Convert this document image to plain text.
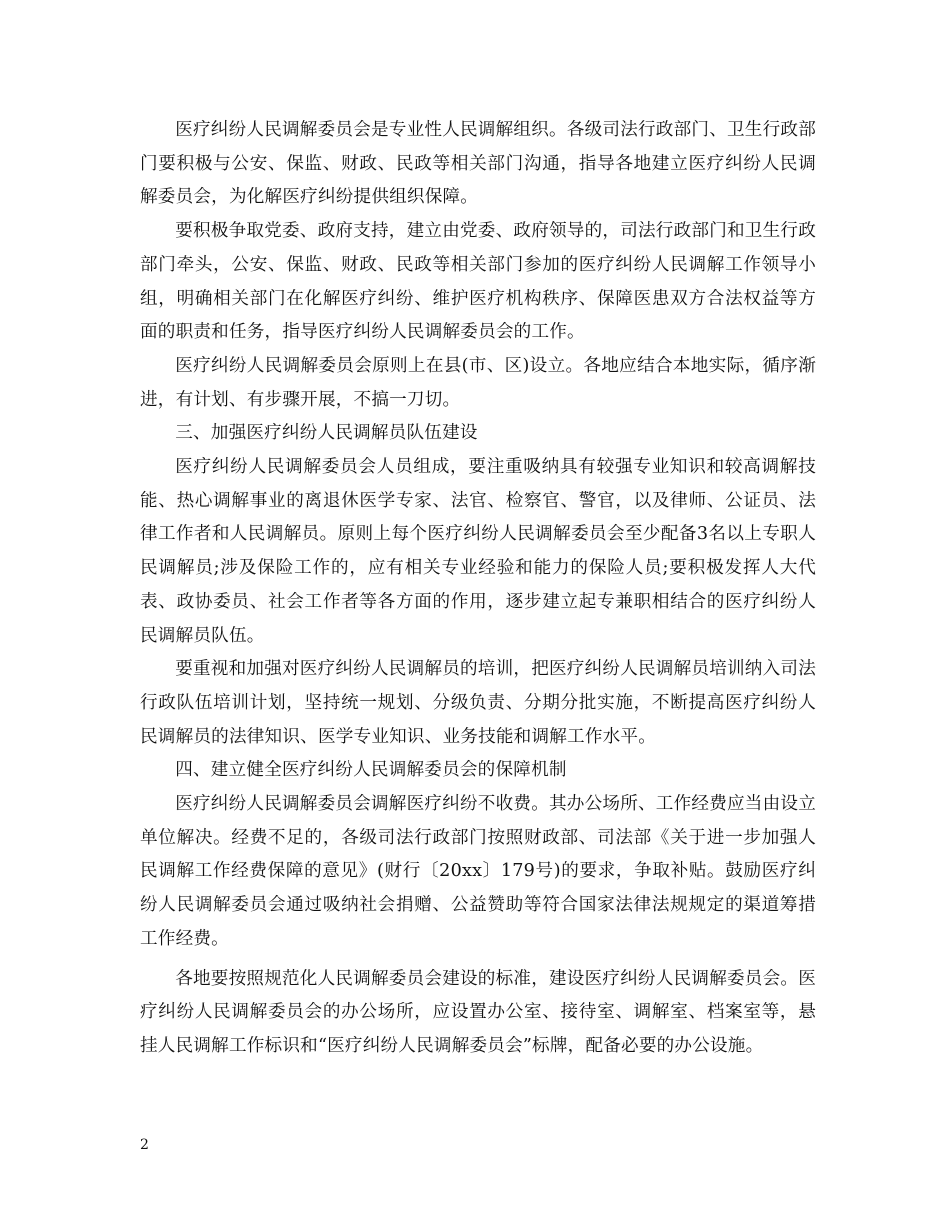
医疗纠纷人民调解委员会是专业性人民调解组织。各级司法行政部门、卫生行政部门要积极与公安、保监、财政、民政等相关部门沟通，指导各地建立医疗纠纷人民调解委员会，为化解医疗纠纷提供组织保障。

要积极争取党委、政府支持，建立由党委、政府领导的，司法行政部门和卫生行政部门牵头，公安、保监、财政、民政等相关部门参加的医疗纠纷人民调解工作领导小组，明确相关部门在化解医疗纠纷、维护医疗机构秩序、保障医患双方合法权益等方面的职责和任务，指导医疗纠纷人民调解委员会的工作。

医疗纠纷人民调解委员会原则上在县(市、区)设立。各地应结合本地实际，循序渐进，有计划、有步骤开展，不搞一刀切。

三、加强医疗纠纷人民调解员队伍建设

医疗纠纷人民调解委员会人员组成，要注重吸纳具有较强专业知识和较高调解技能、热心调解事业的离退休医学专家、法官、检察官、警官，以及律师、公证员、法律工作者和人民调解员。原则上每个医疗纠纷人民调解委员会至少配备3名以上专职人民调解员;涉及保险工作的，应有相关专业经验和能力的保险人员;要积极发挥人大代表、政协委员、社会工作者等各方面的作用，逐步建立起专兼职相结合的医疗纠纷人民调解员队伍。

要重视和加强对医疗纠纷人民调解员的培训，把医疗纠纷人民调解员培训纳入司法行政队伍培训计划，坚持统一规划、分级负责、分期分批实施，不断提高医疗纠纷人民调解员的法律知识、医学专业知识、业务技能和调解工作水平。

四、建立健全医疗纠纷人民调解委员会的保障机制

医疗纠纷人民调解委员会调解医疗纠纷不收费。其办公场所、工作经费应当由设立单位解决。经费不足的，各级司法行政部门按照财政部、司法部《关于进一步加强人民调解工作经费保障的意见》(财行〔20xx〕179号)的要求，争取补贴。鼓励医疗纠纷人民调解委员会通过吸纳社会捐赠、公益赞助等符合国家法律法规规定的渠道筹措工作经费。

各地要按照规范化人民调解委员会建设的标准，建设医疗纠纷人民调解委员会。医疗纠纷人民调解委员会的办公场所，应设置办公室、接待室、调解室、档案室等，悬挂人民调解工作标识和“医疗纠纷人民调解委员会”标牌，配备必要的办公设施。

2
